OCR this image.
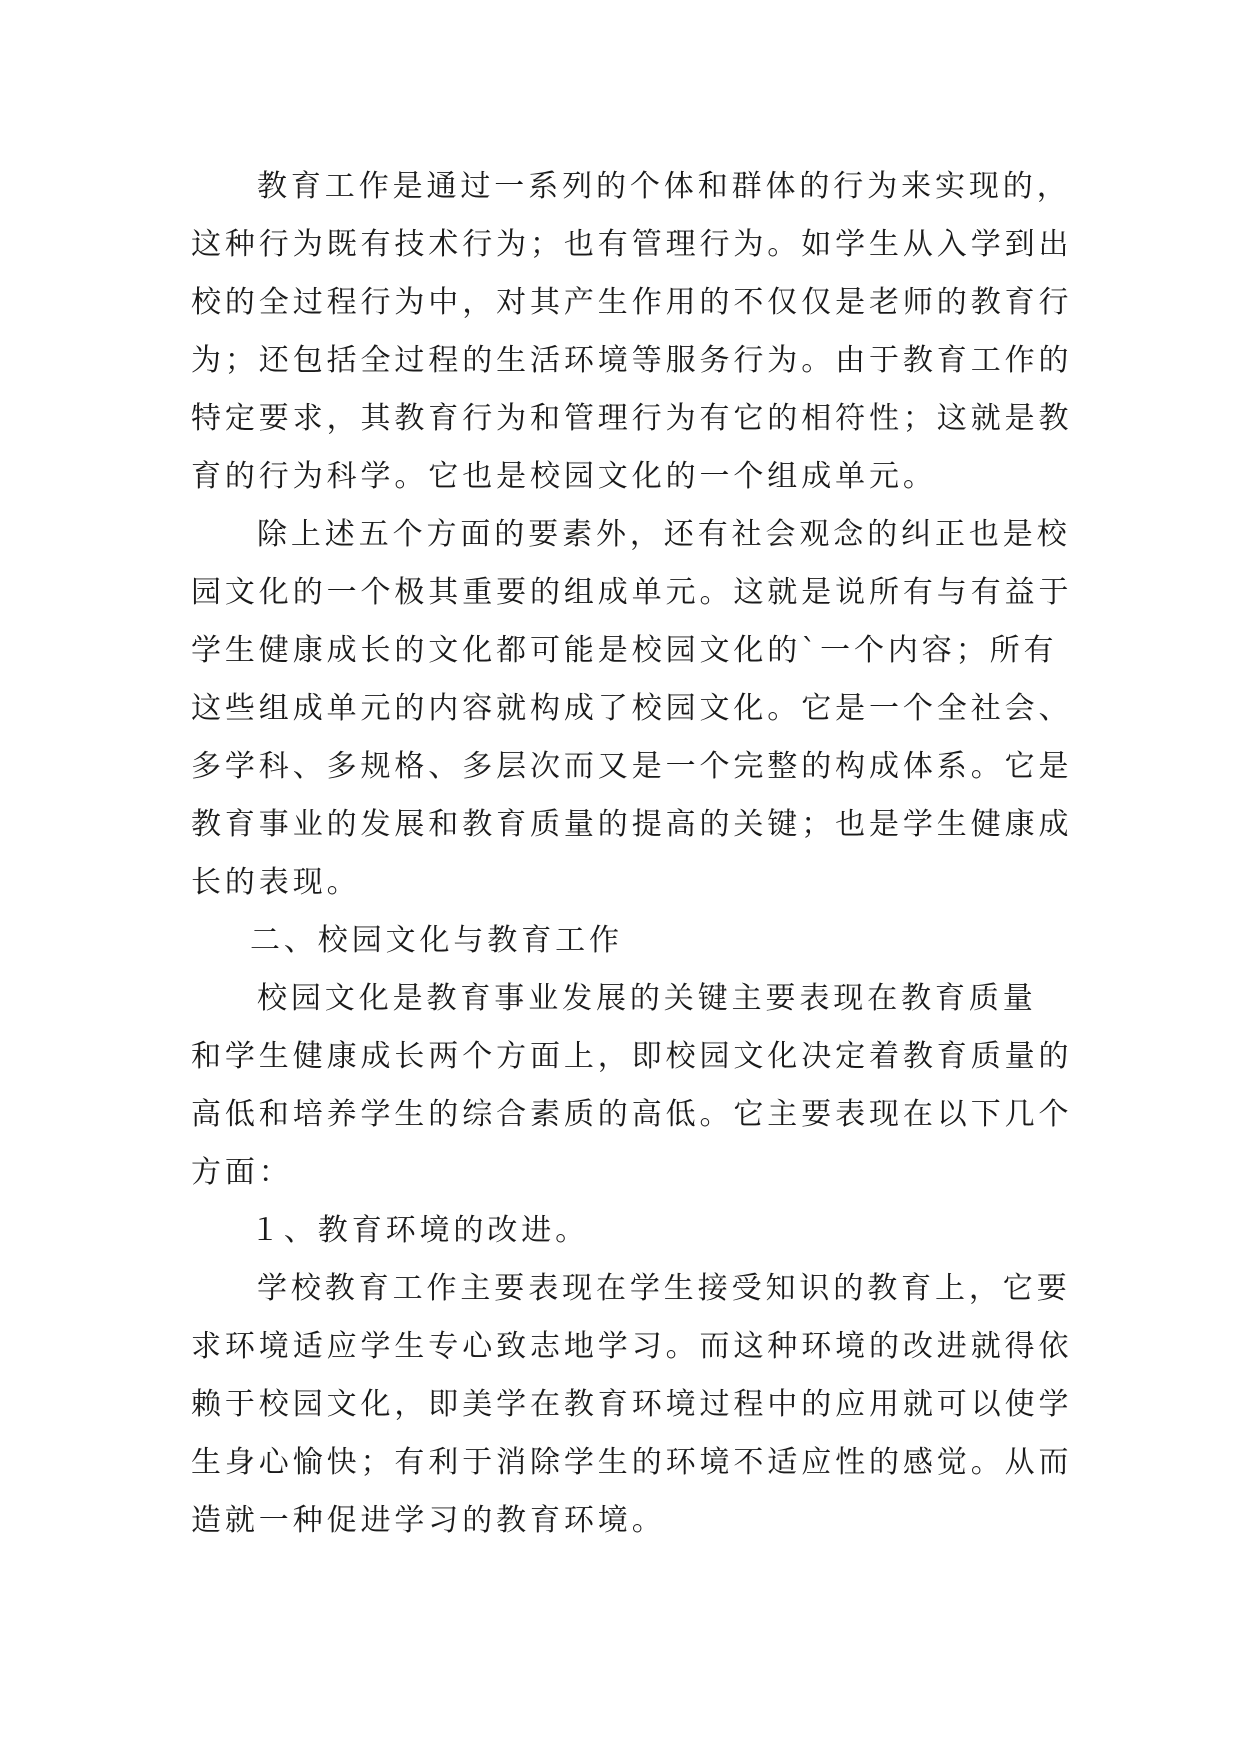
教育工作是通过一系列的个体和群体的行为来实现的，

这种行为既有技术行为；也有管理行为。如学生从入学到出

校的全过程行为中，对其产生作用的不仅仅是老师的教育行

为；还包括全过程的生活环境等服务行为。由于教育工作的

特定要求，其教育行为和管理行为有它的相符性；这就是教

育的行为科学。它也是校园文化的一个组成单元。

除上述五个方面的要素外，还有社会观念的纠正也是校

园文化的一个极其重要的组成单元。这就是说所有与有益于

学生健康成长的文化都可能是校园文化的`一个内容；所有

这些组成单元的内容就构成了校园文化。它是一个全社会、

多学科、多规格、多层次而又是一个完整的构成体系。它是

教育事业的发展和教育质量的提高的关键；也是学生健康成

长的表现。

二、校园文化与教育工作

校园文化是教育事业发展的关键主要表现在教育质量

和学生健康成长两个方面上，即校园文化决定着教育质量的

高低和培养学生的综合素质的高低。它主要表现在以下几个

方面：

１、教育环境的改进。

学校教育工作主要表现在学生接受知识的教育上，它要

求环境适应学生专心致志地学习。而这种环境的改进就得依

赖于校园文化，即美学在教育环境过程中的应用就可以使学

生身心愉快；有利于消除学生的环境不适应性的感觉。从而

造就一种促进学习的教育环境。
